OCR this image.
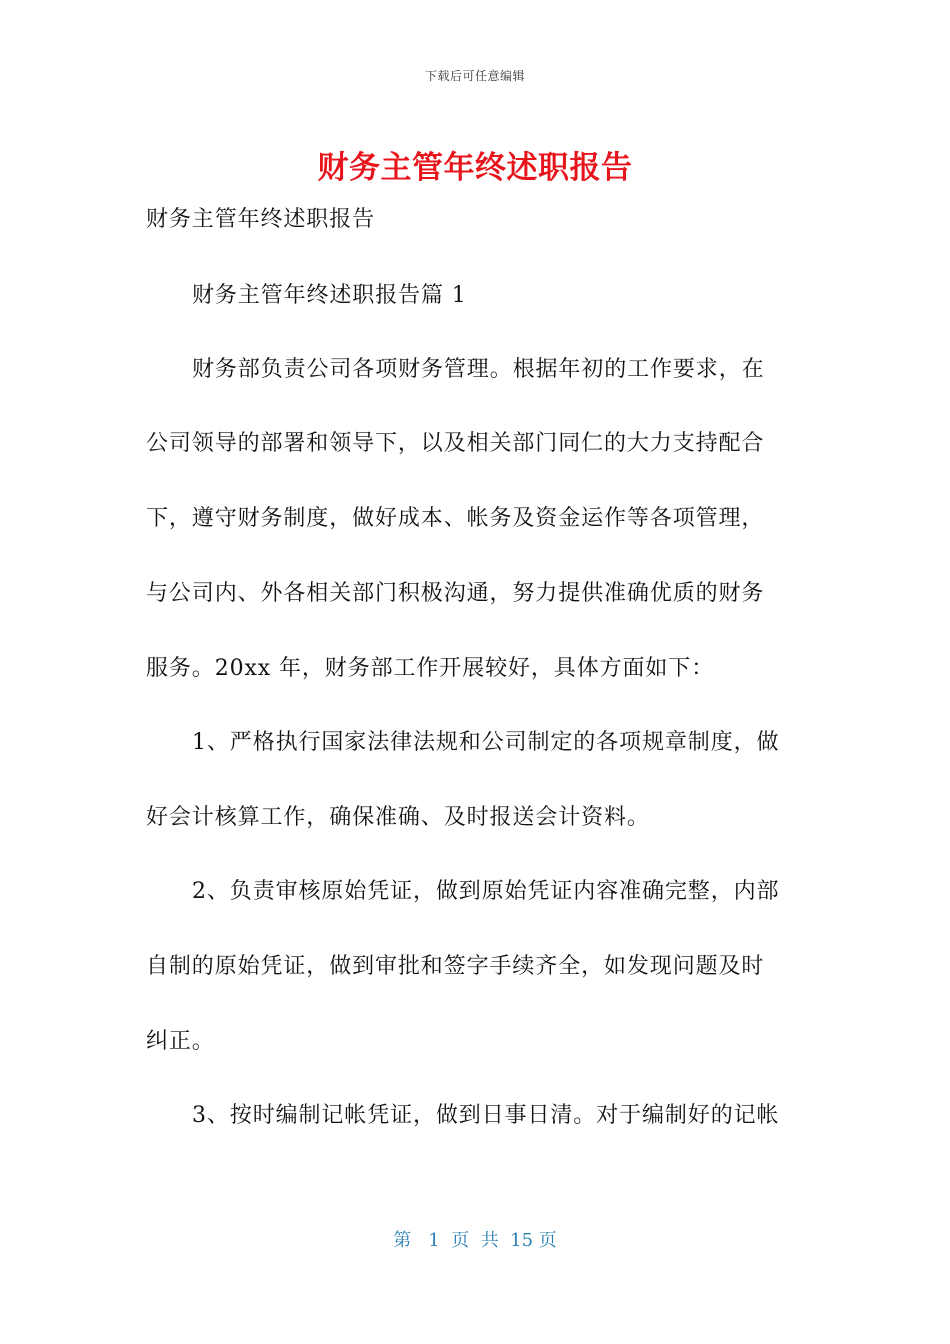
下载后可任意编辑
财务主管年终述职报告
财务主管年终述职报告
财务主管年终述职报告篇 1
财务部负责公司各项财务管理。根据年初的工作要求，在
公司领导的部署和领导下，以及相关部门同仁的大力支持配合
下，遵守财务制度，做好成本、帐务及资金运作等各项管理，
与公司内、外各相关部门积极沟通，努力提供准确优质的财务
服务。20xx 年，财务部工作开展较好，具体方面如下：
1、严格执行国家法律法规和公司制定的各项规章制度，做
好会计核算工作，确保准确、及时报送会计资料。
2、负责审核原始凭证，做到原始凭证内容准确完整，内部
自制的原始凭证，做到审批和签字手续齐全，如发现问题及时
纠正。
3、按时编制记帐凭证，做到日事日清。对于编制好的记帐
第   1  页  共  15 页
